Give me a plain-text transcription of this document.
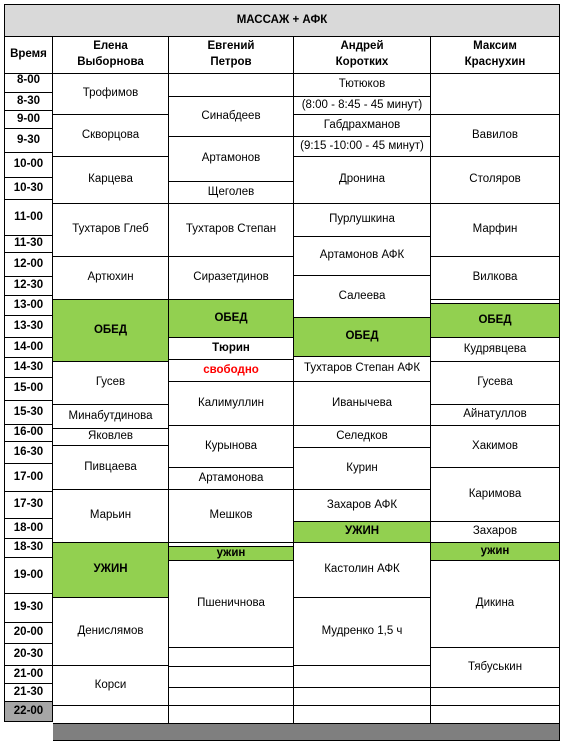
МАССАЖ + АФК
Время
Елена
Выборнова
Евгений
Петров
Андрей
Коротких
Максим
Краснухин
8-00
8-30
9-00
9-30
10-00
10-30
11-00
11-30
12-00
12-30
13-00
13-30
14-00
14-30
15-00
15-30
16-00
16-30
17-00
17-30
18-00
18-30
19-00
19-30
20-00
20-30
21-00
21-30
22-00
Трофимов
Скворцова
Карцева
Тухтаров Глеб
Артюхин
ОБЕД
Гусев
Минабутдинова
Яковлев
Пивцаева
Марьин
УЖИН
Денислямов
Корси
Синабдеев
Артамонов
Щеголев
Тухтаров Степан
Сиразетдинов
ОБЕД
Тюрин
свободно
Калимуллин
Курынова
Артамонова
Мешков
ужин
Пшеничнова
Тютюков
(8:00 - 8:45 - 45 минут)
Габдрахманов
(9:15 -10:00 - 45 минут)
Дронина
Пурлушкина
Артамонов АФК
Салеева
ОБЕД
Тухтаров Степан АФК
Иванычева
Селедков
Курин
Захаров АФК
УЖИН
Кастолин АФК
Мудренко 1,5 ч
Вавилов
Столяров
Марфин
Вилкова
ОБЕД
Кудрявцева
Гусева
Айнатуллов
Хакимов
Каримова
Захаров
ужин
Дикина
Тябуськин
